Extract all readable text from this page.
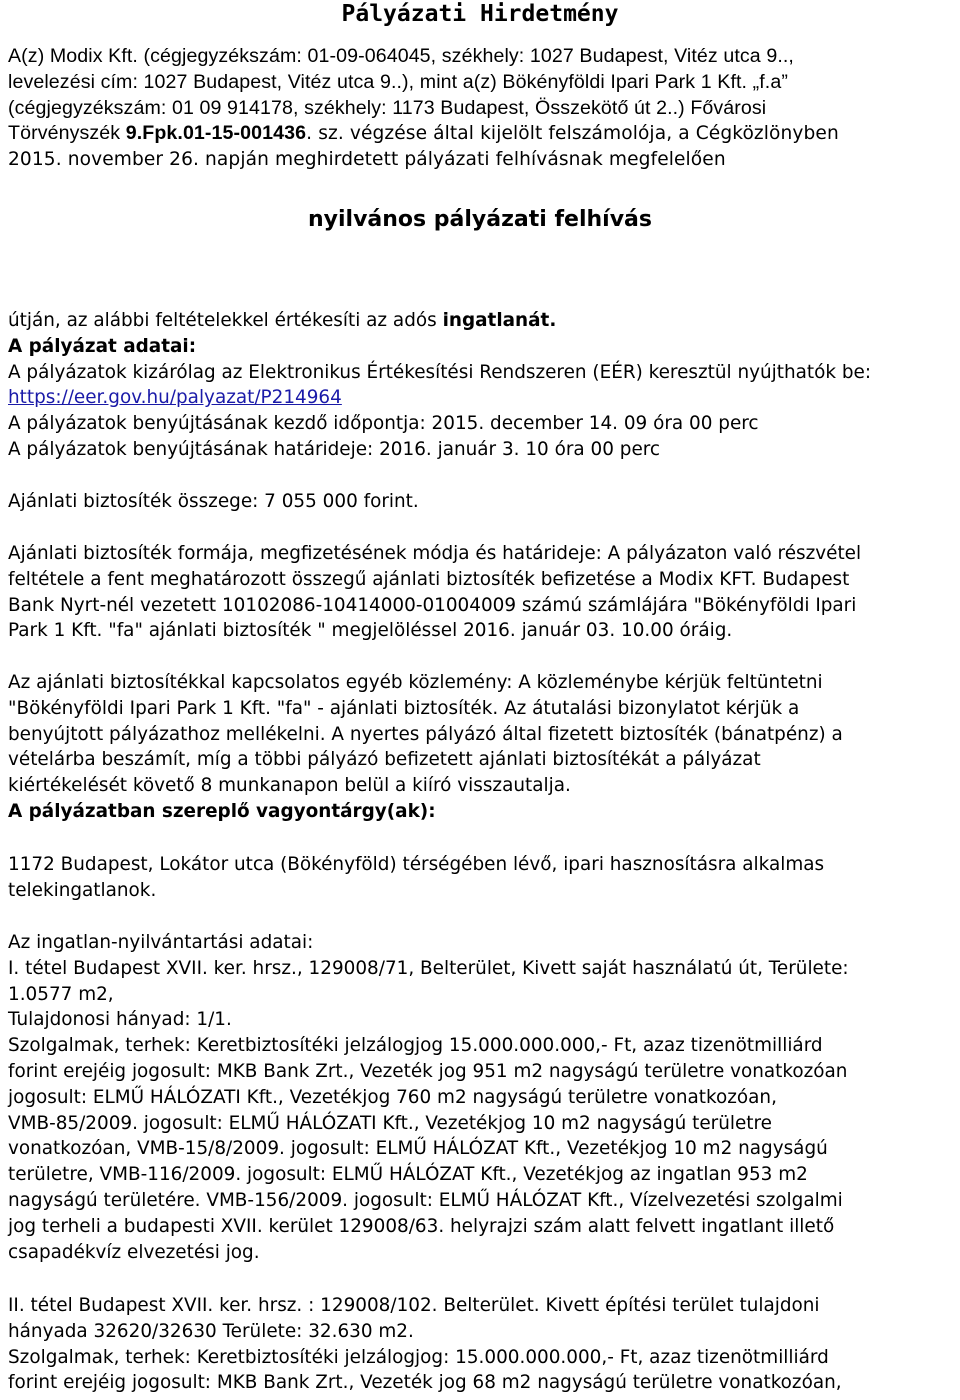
Pályázati Hirdetmény
A(z) Modix Kft. (cégjegyzékszám: 01-09-064045, székhely: 1027 Budapest, Vitéz utca 9..,
levelezési cím: 1027 Budapest, Vitéz utca 9..), mint a(z) Bökényföldi Ipari Park 1 Kft. „f.a”
(cégjegyzékszám: 01 09 914178, székhely: 1173 Budapest, Összekötő út 2..) Fővárosi
Törvényszék 9.Fpk.01-15-001436. sz. végzése által kijelölt felszámolója, a Cégközlönyben
2015. november 26. napján meghirdetett pályázati felhívásnak megfelelően
nyilvános pályázati felhívás
útján, az alábbi feltételekkel értékesíti az adós ingatlanát.
A pályázat adatai:
A pályázatok kizárólag az Elektronikus Értékesítési Rendszeren (EÉR) keresztül nyújthatók be:
https://eer.gov.hu/palyazat/P214964
A pályázatok benyújtásának kezdő időpontja: 2015. december 14. 09 óra 00 perc
A pályázatok benyújtásának határideje: 2016. január 3. 10 óra 00 perc
Ajánlati biztosíték összege: 7 055 000 forint.
Ajánlati biztosíték formája, megfizetésének módja és határideje: A pályázaton való részvétel
feltétele a fent meghatározott összegű ajánlati biztosíték befizetése a Modix KFT. Budapest
Bank Nyrt-nél vezetett 10102086-10414000-01004009 számú számlájára "Bökényföldi Ipari
Park 1 Kft. "fa" ajánlati biztosíték " megjelöléssel 2016. január 03. 10.00 óráig.
Az ajánlati biztosítékkal kapcsolatos egyéb közlemény: A közleménybe kérjük feltüntetni
"Bökényföldi Ipari Park 1 Kft. "fa" - ajánlati biztosíték. Az átutalási bizonylatot kérjük a
benyújtott pályázathoz mellékelni. A nyertes pályázó által fizetett biztosíték (bánatpénz) a
vételárba beszámít, míg a többi pályázó befizetett ajánlati biztosítékát a pályázat
kiértékelését követő 8 munkanapon belül a kiíró visszautalja.
A pályázatban szereplő vagyontárgy(ak):
1172 Budapest, Lokátor utca (Bökényföld) térségében lévő, ipari hasznosításra alkalmas
telekingatlanok.
Az ingatlan-nyilvántartási adatai:
I. tétel Budapest XVII. ker. hrsz., 129008/71, Belterület, Kivett saját használatú út, Területe:
1.0577 m2,
Tulajdonosi hányad: 1/1.
Szolgalmak, terhek: Keretbiztosítéki jelzálogjog 15.000.000.000,- Ft, azaz tizenötmilliárd
forint erejéig jogosult: MKB Bank Zrt., Vezeték jog 951 m2 nagyságú területre vonatkozóan
jogosult: ELMŰ HÁLÓZATI Kft., Vezetékjog 760 m2 nagyságú területre vonatkozóan,
VMB-85/2009. jogosult: ELMŰ HÁLÓZATI Kft., Vezetékjog 10 m2 nagyságú területre
vonatkozóan, VMB-15/8/2009. jogosult: ELMŰ HÁLÓZAT Kft., Vezetékjog 10 m2 nagyságú
területre, VMB-116/2009. jogosult: ELMŰ HÁLÓZAT Kft., Vezetékjog az ingatlan 953 m2
nagyságú területére. VMB-156/2009. jogosult: ELMŰ HÁLÓZAT Kft., Vízelvezetési szolgalmi
jog terheli a budapesti XVII. kerület 129008/63. helyrajzi szám alatt felvett ingatlant illető
csapadékvíz elvezetési jog.
II. tétel Budapest XVII. ker. hrsz. : 129008/102. Belterület. Kivett építési terület tulajdoni
hányada 32620/32630 Területe: 32.630 m2.
Szolgalmak, terhek: Keretbiztosítéki jelzálogjog: 15.000.000.000,- Ft, azaz tizenötmilliárd
forint erejéig jogosult: MKB Bank Zrt., Vezeték jog 68 m2 nagyságú területre vonatkozóan,
